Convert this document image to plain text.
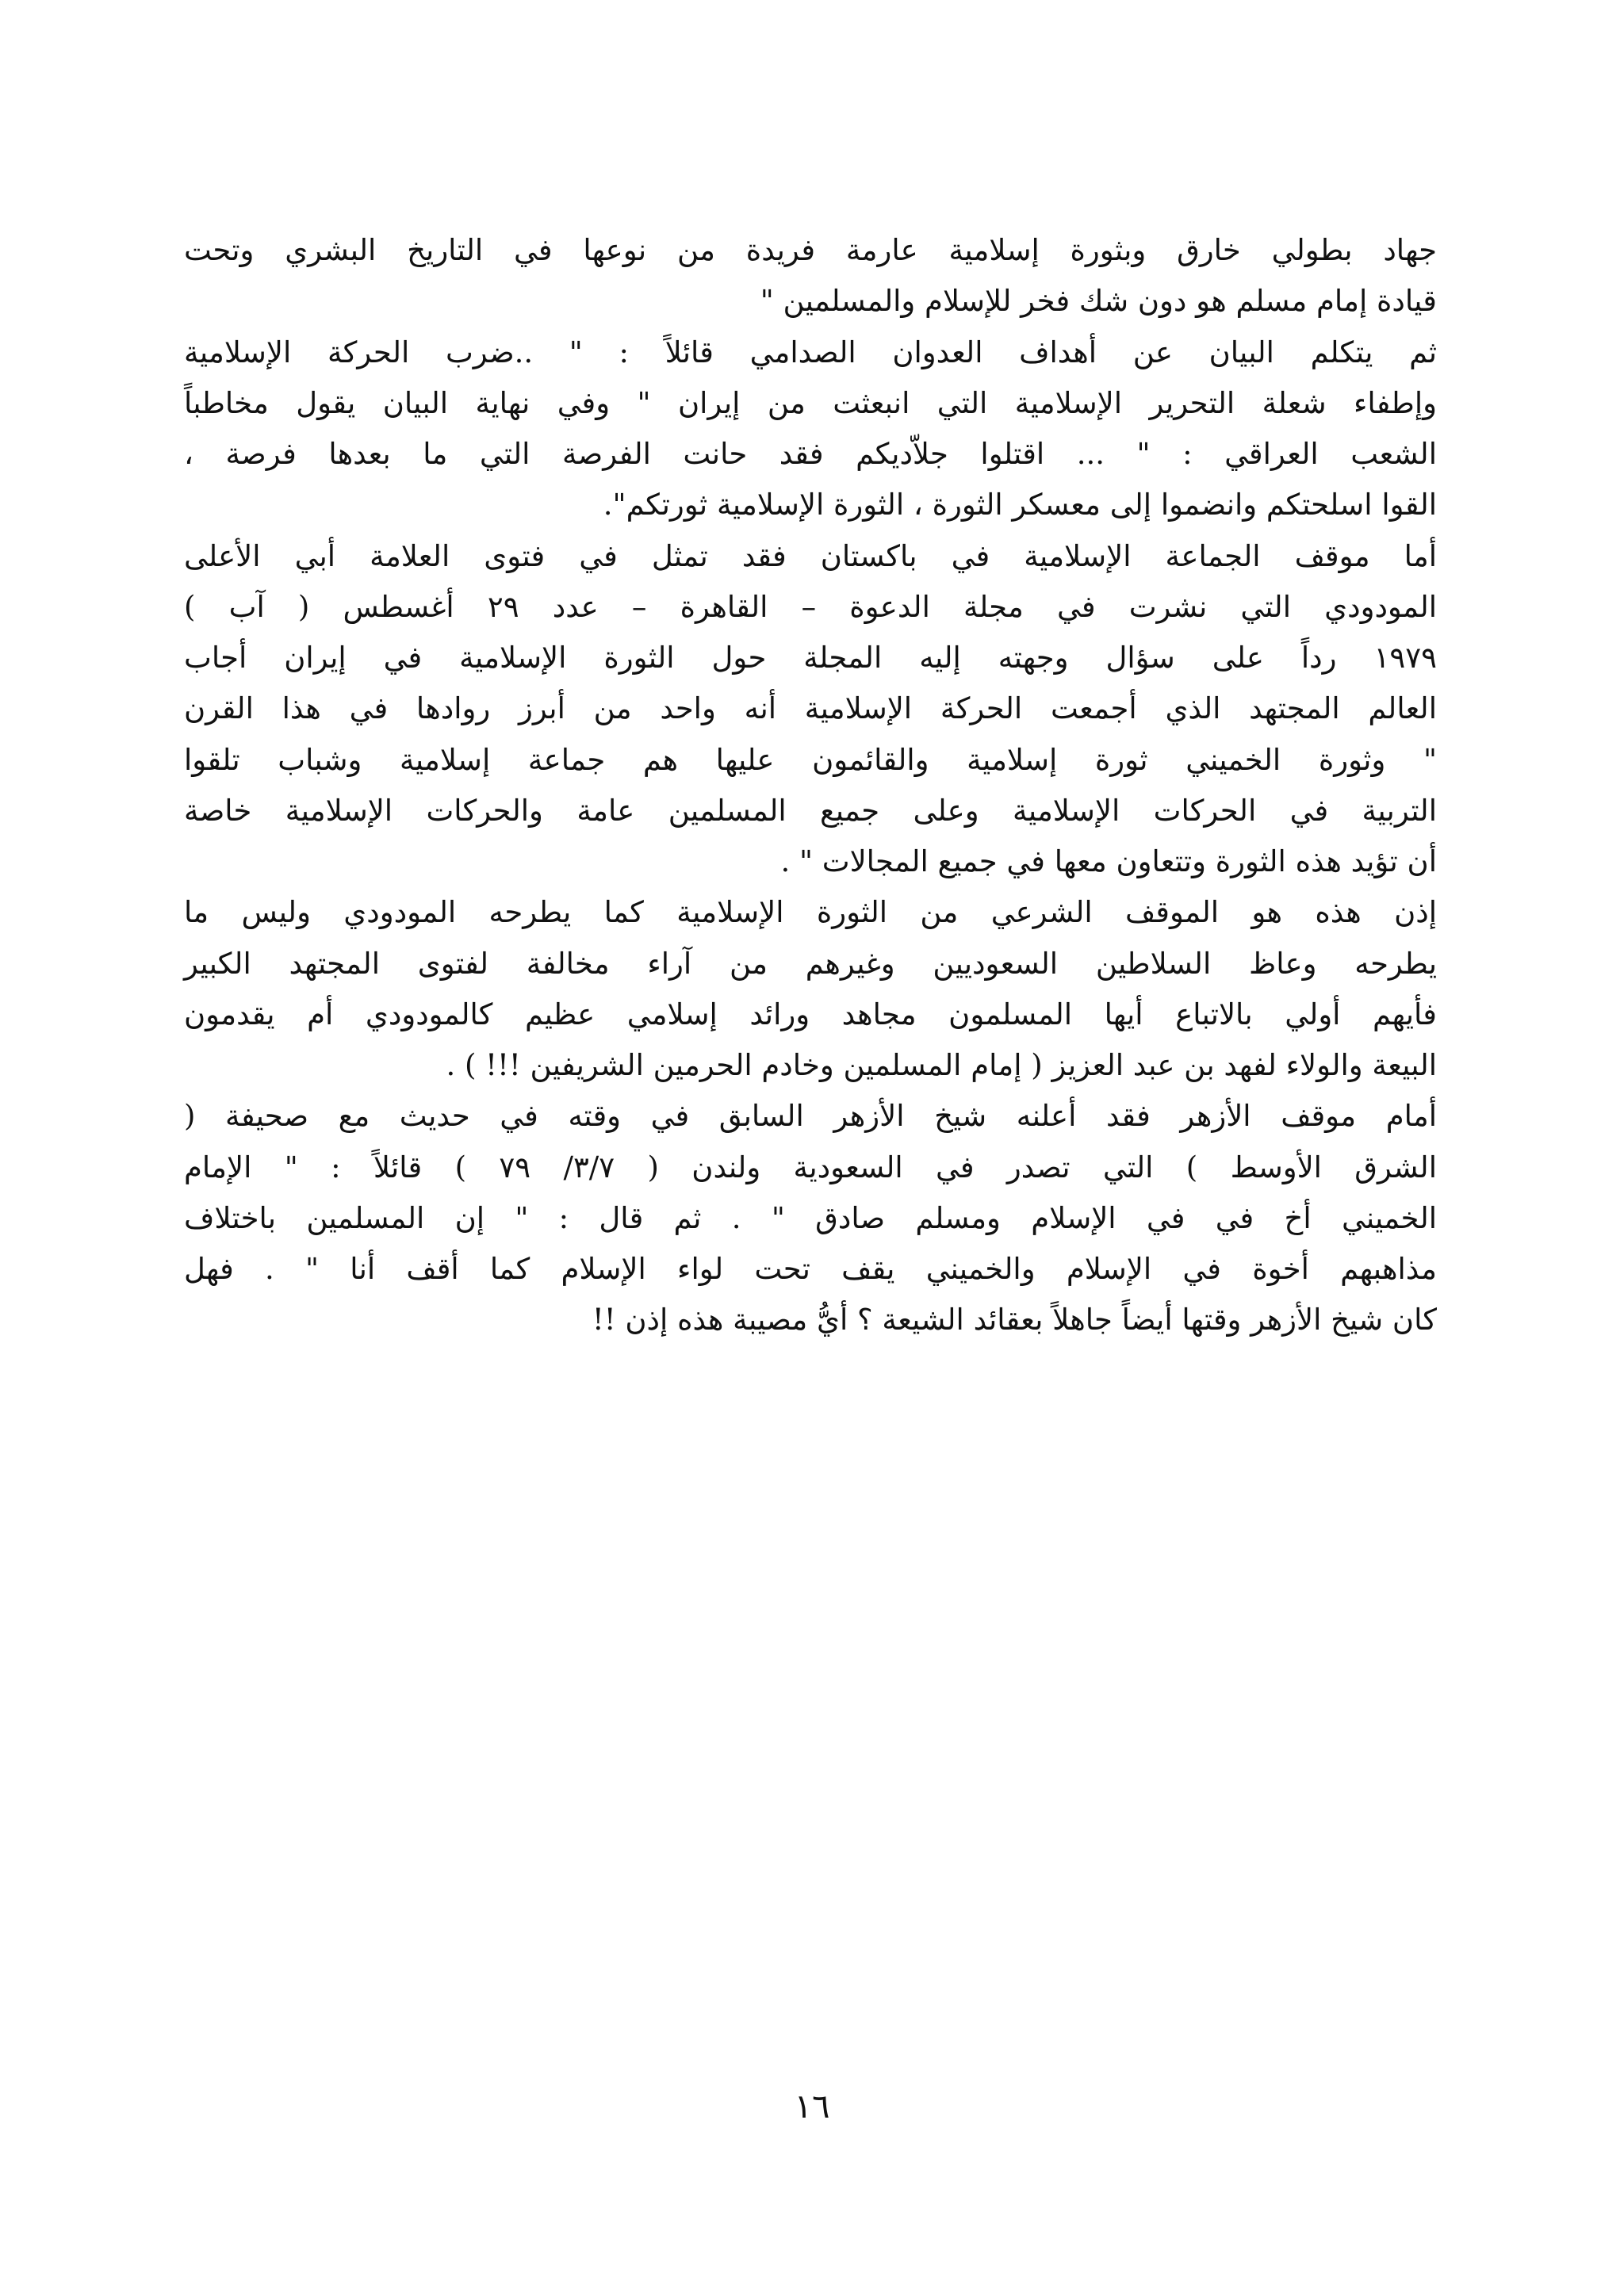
جهاد بطولي خارق وبثورة إسلامية عارمة فريدة من نوعها في التاريخ البشري وتحت
قيادة إمام مسلم هو دون شك فخر للإسلام والمسلمين "
ثم يتكلم البيان عن أهداف العدوان الصدامي قائلاً : " ..ضرب الحركة الإسلامية
وإطفاء شعلة التحرير الإسلامية التي انبعثت من إيران " وفي نهاية البيان يقول مخاطباً
الشعب العراقي : " ... اقتلوا جلاّديكم فقد حانت الفرصة التي ما بعدها فرصة ،
القوا اسلحتكم وانضموا إلى معسكر الثورة ، الثورة الإسلامية ثورتكم".
أما موقف الجماعة الإسلامية في باكستان فقد تمثل في فتوى العلامة أبي الأعلى
المودودي التي نشرت في مجلة الدعوة – القاهرة – عدد ٢٩ أغسطس ( آب )
١٩٧٩ رداً على سؤال وجهته إليه المجلة حول الثورة الإسلامية في إيران أجاب
العالم المجتهد الذي أجمعت الحركة الإسلامية أنه واحد من أبرز روادها في هذا القرن
" وثورة الخميني ثورة إسلامية والقائمون عليها هم جماعة إسلامية وشباب تلقوا
التربية في الحركات الإسلامية وعلى جميع المسلمين عامة والحركات الإسلامية خاصة
أن تؤيد هذه الثورة وتتعاون معها في جميع المجالات " .
إذن هذه هو الموقف الشرعي من الثورة الإسلامية كما يطرحه المودودي وليس ما
يطرحه وعاظ السلاطين السعوديين وغيرهم من آراء مخالفة لفتوى المجتهد الكبير
فأيهم أولي بالاتباع أيها المسلمون مجاهد ورائد إسلامي عظيم كالمودودي أم يقدمون
البيعة والولاء لفهد بن عبد العزيز ( إمام المسلمين وخادم الحرمين الشريفين !!! ) .
أمام موقف الأزهر فقد أعلنه شيخ الأزهر السابق في وقته في حديث مع صحيفة (
الشرق الأوسط ) التي تصدر في السعودية ولندن ( ٣/٧/ ٧٩ ) قائلاً : " الإمام
الخميني أخ في في الإسلام ومسلم صادق " . ثم قال : " إن المسلمين باختلاف
مذاهبهم أخوة في الإسلام والخميني يقف تحت لواء الإسلام كما أقف أنا " . فهل
كان شيخ الأزهر وقتها أيضاً جاهلاً بعقائد الشيعة ؟ أيُّ مصيبة هذه إذن !!
١٦
